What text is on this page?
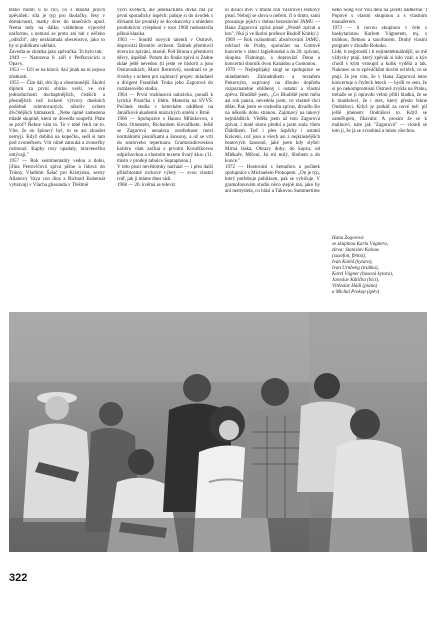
těžko mohli u ní říci, co s mnohá jiných zpěváček: sila je typ pro školačky, řesy v domácnosti, matky dcer do tanečních apod. Nemá tedy na dálku viditelnou výpověd uniformu, s nemusí se proto ani bát z něčeho „odložit", aby nezklamala obecenstvo, jako to by si publikum udělalo.

Zavedla se zkratka jako zpěvačka. To bylo tak:

1949 — Narozena 6. září v Petřkovicích u Opavy.

1953 — Učí se na klavír. Ani jinak na ní nejsou zůstkasti.

1955 — Čím dál, tím lip a všestrannější. Školní diplom za první sbírku verší, ve své jednoduchosti duchaplnějších, čistších a přesnějších než lockeré výtvory dnešních podobně orientovaných, nikoliv ovšem dívčitějších hitmakerů. „Nebe úplně zamezena mladé skupině, která se dovedla soupeřit. Pláte se proč? Řekne vám to. To v tobě řekli ne to. Víte, že on špinavý byl, to se asi zkoušet nemyji. Když dobíhá na kopečku, sedí si tam pod zvonečkem. Vítr nitně zatouká a zvonečky rozbouzí. Kapky rosy opadaly, mravenečku umývají."

1957 — Rok sentimentality vedou a dobu, jiřina Petrovičová zpívá píšne a lidová do Trinny, Vladimír Šalač pro Kristýnku, sestry Allanovy Vaya con dios a Richard Kubernát vyhrávají v Vlacha glissanda v Třeštině

vých květech, ale jedenáctiletá dívka má již první sporadický úspěch: pašuje si do úvodek s dívkami lze pronikly se do oharovky s ohledem produktivní vylepšení v roce 1960 nedostavila pěkná klasika.

1963 — Soutěž novych talentů v Ostravě, doprovází Bromův orchestr. Tatínek přemluvil dcera ke zpívání, marně. Pod Brona s přemluvit děcry, úspěšně. Potom do finále zpívá si Zadne sklaé ještě nevedou (ti jeste ve historii a jsou Ostravankách, Marii Rottrové), usednutí to je čtverky s uchem pro zajímavý projev: skladatel a dirigent František Trnka jeho Zagorová do rozhlasového studia.

1964 — První rozhlasová nahrávka, ponaší k lyrická Písnička v lítém. Maturita na SVVŠ. Počátek studia v hereckém oddělení na Janáčkově akademii múzických umění v Brně.

1966 — Spolupráce s Hanou Mřánkovou, s Otou Ornestem, Richardem Kovaříkem. Ještě se Zagorová nenaleza zostřednost mezi normálními písničkami a šansony, a už se vrtí do souloveho repertoaru. Gramoradioveskou kariéru však začíná s prvním Kovaříkovou odpichovkou a vlastním textem Svatý klus. (11. místo v prodeji tabulce Supraphonu.)

V této písni nevědomky nachází — i přes další příležitostné rockové výlety — svou vlastní tvář, jak ji máme dnes rádi.

1968 — 20. květná se televiz

ní divácí dvě: v titulní roli Vaxírové) Ježkovy písní. Nebojí se slova o nečem, či o tímto, sami prosazuje jejich v dobou bezoslovné JAMU — Hana Zagorová zpívá písně „Prostě zpívat a hru", říká jí ve školní profesor Rudolf Krátký.)

1969 — Rok rozhodnutí: absolvovaní JAMU, odchod do Prahy, spolučást na Gottově kuncertu v rámci Jagiellonské a do 20. zpívaní, skupina Flamingo, a doprovází Dona a koncertní sborník dvou Kanadou a Gomonou.

1970 — Nejlepšíjaký singl se spolupráce se skladatelem Zahradníkem a textařem Pokorným, uzpívaný na dlouho dopředu rozpoznatelné oblíbený i ostatní a vlastní zpěvu. Bludiště jsem, „Co Bludiště jsem měla asi rok pauzu, nevedela jsem, co vlastně chci dělat. Pak jsem se rozhodla zpívat, dívadlo šlo na několik dobu stranou. Zajímavý na takový nejmládších. Věděla jsem až toto Zagorová zpívat, i malé skoro přední a jsem stala všem Ďáblíkem. Teď i přes úspěchy i ostatní Krácení, což jsou u všech asi z nejkrásnějších beatových šansonů, jaké jsem kdy slyšel: Mírná láska, Obrazy doby, do kopru, od Mlékaře, Mlčení, Jsi mi milý, Sbohem a do konce."

1972 — Hostování s Semaforu a počátek spolupráce s Michaelem Prokopem. „On je typ, který potřebuje publikum, pak se vybičuje. V gramofonovém studiu něco stejně má, jako by ani nemyslela, co hlásí a Takovou Summertime

nebo Song For You děla na javíšti nádherně.") Popové s vlastní skupinou a s vlastním manažerem.

1973 — S novou skupinou v čele s baskytaristou Karlem Vágnerem, mj. s trubkou, flétnou a saxofonem. Druhý vlastní program v divadle Rokoko.

Lidé, ti nejprostší i ti nejintelektuálnější, se mě vždycky ptají, který zpěvák si kdo vzal, a kýo chodí s kým vstoupil a kolik vydělá a tak. Nakonec se to zpěváčkům dovím od těch, co se ptají. Já jen vím, že v Hana Zagorová letos koncertuje o čtyřech letech — bydlí ve sem, že si po nekompromisní Ostravě zvykla na Prahu, trebaže se jí opravdu velmi přítlí hladká, že se k manželovi, že i otec, který přesto řekne Ondrášovi. Když je potkáš za nové mě: plí ještě jménem: Ondrášovi to. Když se zaměřujem, říkávám: A prosím že se k malinovi, nám jak "Zagorová" — vloudí se toto ji, že já se zvonbiná a místo všechno.

Hana Zagorová

se skupinou Karla Vágnera,

zleva: Stanislav Kalous

(saxofon, flétna),

Ivan Kotěd (kytara),

Ivan Urnbeng (trubka),

Karel Vágner (basová kytara),

Jaroslav Kůtička (bicí),

Vítězslav Hádl (piano)

a Michal Prokop (zpěv)

322
